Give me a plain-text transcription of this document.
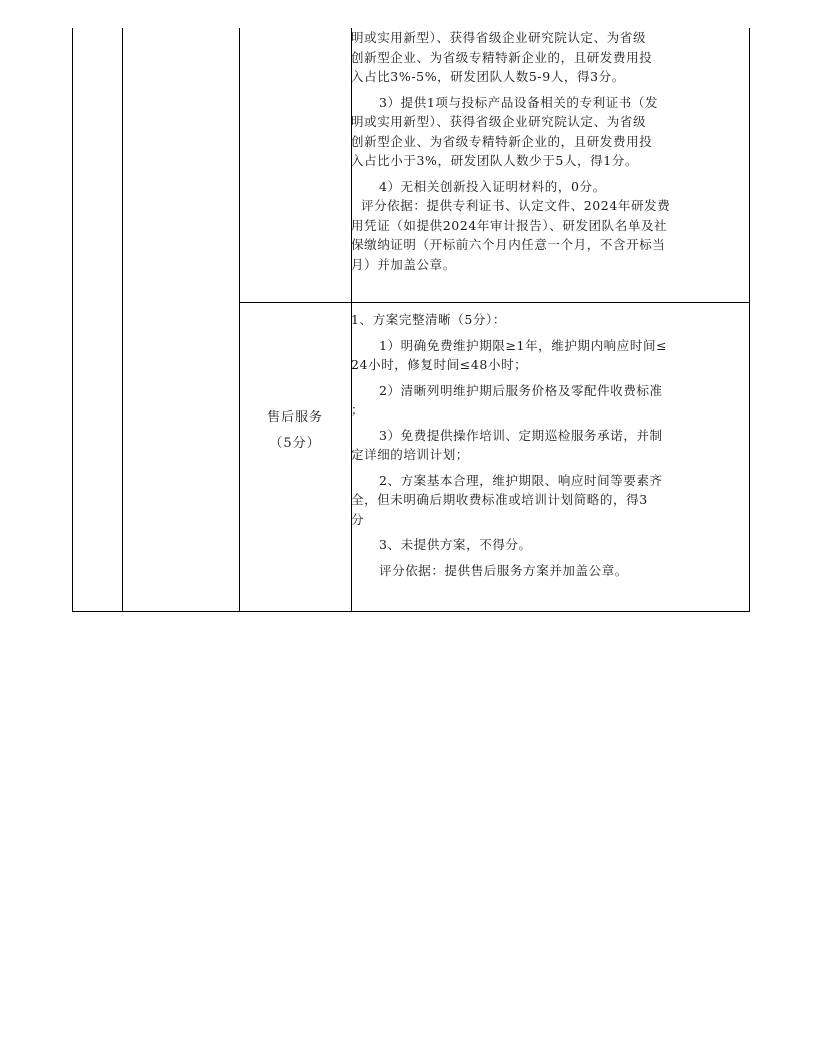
明或实用新型）、获得省级企业研究院认定、为省级
创新型企业、为省级专精特新企业的，且研发费用投
入占比3%-5%，研发团队人数5-9人，得3分。
3）提供1项与投标产品设备相关的专利证书（发
明或实用新型）、获得省级企业研究院认定、为省级
创新型企业、为省级专精特新企业的，且研发费用投
入占比小于3%，研发团队人数少于5人，得1分。
4）无相关创新投入证明材料的，0分。
评分依据：提供专利证书、认定文件、2024年研发费
用凭证（如提供2024年审计报告）、研发团队名单及社
保缴纳证明（开标前六个月内任意一个月，不含开标当
月）并加盖公章。
售后服务
（5分）
1、方案完整清晰（5分）：
1）明确免费维护期限≥1年，维护期内响应时间≤
24小时，修复时间≤48小时；
2）清晰列明维护期后服务价格及零配件收费标准
；
3）免费提供操作培训、定期巡检服务承诺，并制
定详细的培训计划；
2、方案基本合理，维护期限、响应时间等要素齐
全，但未明确后期收费标准或培训计划简略的，得3
分
3、未提供方案，不得分。
评分依据：提供售后服务方案并加盖公章。
